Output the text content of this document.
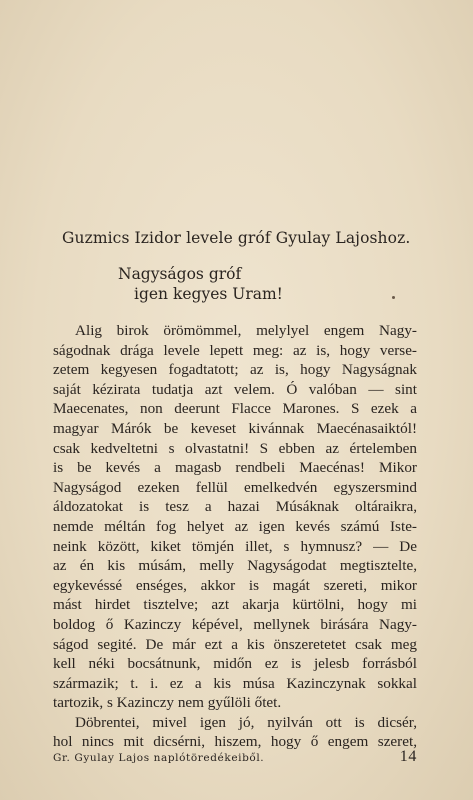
Guzmics Izidor levele gróf Gyulay Lajoshoz.
Nagyságos gróf
igen kegyes Uram!
Alig birok örömömmel, melylyel engem Nagy-
ságodnak drága levele lepett meg: az is, hogy verse-
zetem kegyesen fogadtatott; az is, hogy Nagyságnak
saját kézirata tudatja azt velem. Ó valóban — sint
Maecenates, non deerunt Flacce Marones. S ezek a
magyar Márók be keveset kivánnak Maecénasaiktól!
csak kedveltetni s olvastatni! S ebben az értelemben
is be kevés a magasb rendbeli Maecénas! Mikor
Nagyságod ezeken fellül emelkedvén egyszersmind
áldozatokat is tesz a hazai Músáknak oltáraikra,
nemde méltán fog helyet az igen kevés számú Iste-
neink között, kiket tömjén illet, s hymnusz? — De
az én kis músám, melly Nagyságodat megtisztelte,
egykevéssé enséges, akkor is magát szereti, mikor
mást hirdet tisztelve; azt akarja kürtölni, hogy mi
boldog ő Kazinczy képével, mellynek birására Nagy-
ságod segité. De már ezt a kis önszeretetet csak meg
kell néki bocsátnunk, midőn ez is jelesb forrásból
származik; t. i. ez a kis músa Kazinczynak sokkal
tartozik, s Kazinczy nem gyűlöli őtet.
Döbrentei, mivel igen jó, nyilván ott is dicsér,
hol nincs mit dicsérni, hiszem, hogy ő engem szeret,
Gr. Gyulay Lajos naplótöredékeiből.	14
